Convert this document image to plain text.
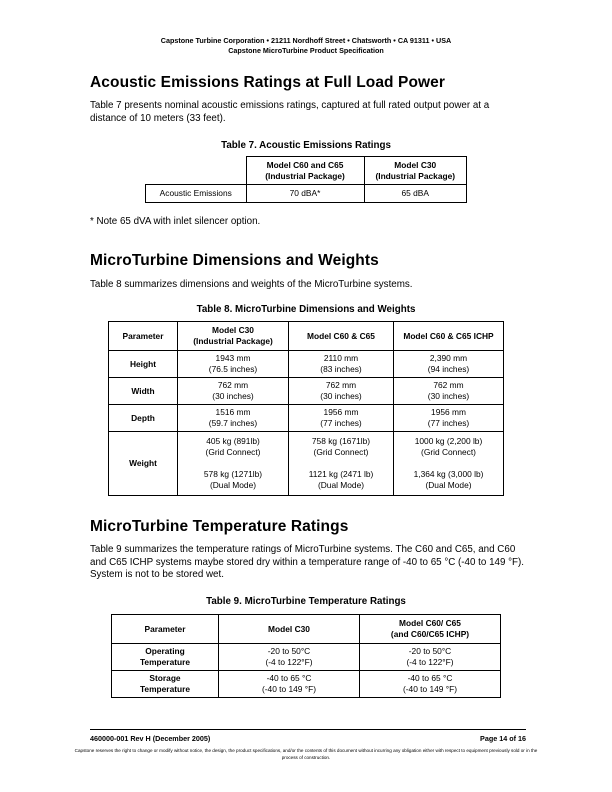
Capstone Turbine Corporation • 21211 Nordhoff Street • Chatsworth • CA 91311 • USA
Capstone MicroTurbine Product Specification
Acoustic Emissions Ratings at Full Load Power

Table 7 presents nominal acoustic emissions ratings, captured at full rated output power at a distance of 10 meters (33 feet).

Table 7. Acoustic Emissions Ratings
	Model C60 and C65
(Industrial Package)	Model C30
(Industrial Package)
Acoustic Emissions	70 dBA*	65 dBA

* Note 65 dVA with inlet silencer option.

MicroTurbine Dimensions and Weights

Table 8 summarizes dimensions and weights of the MicroTurbine systems.

Table 8. MicroTurbine Dimensions and Weights
Parameter	Model C30
(Industrial Package)	Model C60 & C65	Model C60 & C65 ICHP
Height	1943 mm
(76.5 inches)	2110 mm
(83 inches)	2,390 mm
(94 inches)
Width	762 mm
(30 inches)	762 mm
(30 inches)	762 mm
(30 inches)
Depth	1516 mm
(59.7 inches)	1956 mm
(77 inches)	1956 mm
(77 inches)
Weight	405 kg (891lb)
(Grid Connect)

578 kg (1271lb)
(Dual Mode)	758 kg (1671lb)
(Grid Connect)

1121 kg (2471 lb)
(Dual Mode)	1000 kg (2,200 lb)
(Grid Connect)

1,364 kg (3,000 lb)
(Dual Mode)
MicroTurbine Temperature Ratings

Table 9 summarizes the temperature ratings of MicroTurbine systems. The C60 and C65, and C60 and C65 ICHP systems maybe stored dry within a temperature range of -40 to 65 °C (-40 to 149 °F). System is not to be stored wet.

Table 9. MicroTurbine Temperature Ratings
Parameter	Model C30	Model C60/ C65
(and C60/C65 ICHP)
Operating
Temperature	-20 to 50°C
(-4 to 122°F)	-20 to 50°C
(-4 to 122°F)
Storage
Temperature	-40 to 65 °C
(-40 to 149 °F)	-40 to 65 °C
(-40 to 149 °F)
460000-001 Rev H (December 2005)	Page 14 of 16
Capstone reserves the right to change or modify without notice, the design, the product specifications, and/or the contents of this document without incurring any obligation either with respect to equipment previously sold or in the process of construction.
